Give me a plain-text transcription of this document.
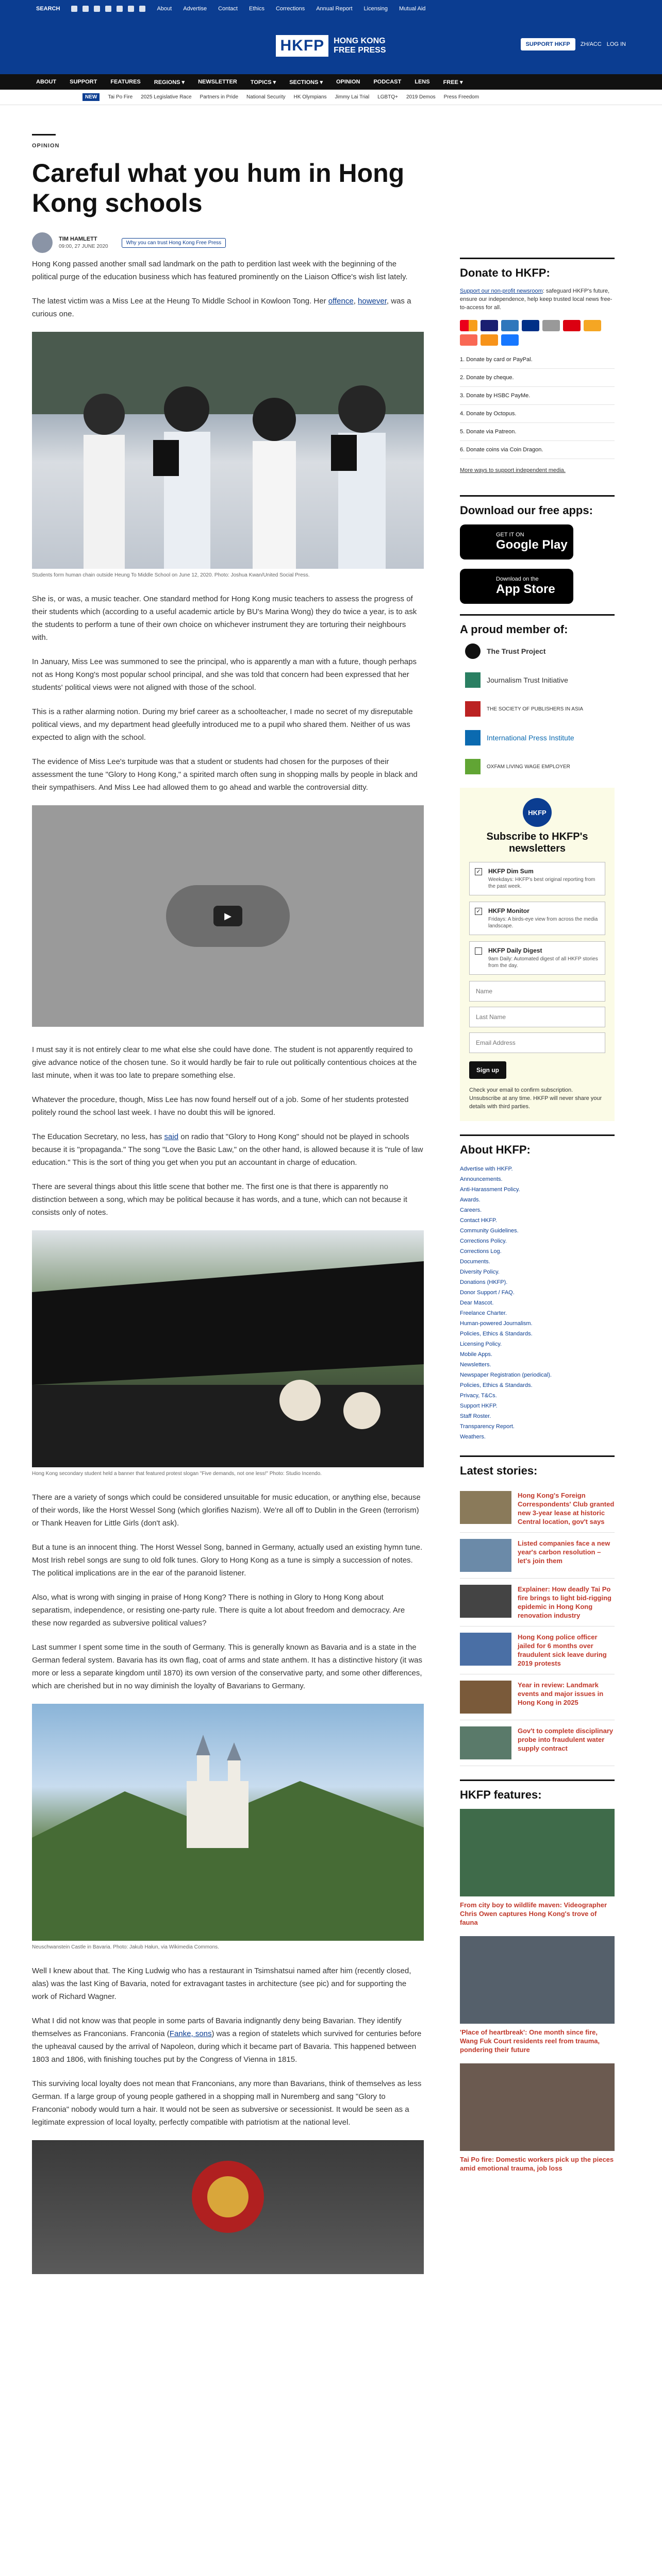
SEARCH	About Advertise Contact Ethics Corrections Annual Report Licensing Mutual Aid
HKFP	HONG KONG
FREE PRESS
SUPPORT HKFP	ZH/ACC LOG IN
ABOUT SUPPORT FEATURES REGIONS ▾ NEWSLETTER TOPICS ▾ SECTIONS ▾ OPINION PODCAST LENS FREE ▾
NEW	Tai Po Fire 2025 Legislative Race Partners in Pride National Security HK Olympians Jimmy Lai Trial LGBTQ+ 2019 Demos Press Freedom
OPINION
Careful what you hum in Hong Kong schools
TIM HAMLETT
09:00, 27 JUNE 2020
Why you can trust Hong Kong Free Press

Hong Kong passed another small sad landmark on the path to perdition last week with the beginning of the political purge of the education business which has featured prominently on the Liaison Office's wish list lately.

The latest victim was a Miss Lee at the Heung To Middle School in Kowloon Tong. Her offence, however, was a curious one.

Students form human chain outside Heung To Middle School on June 12, 2020. Photo: Joshua Kwan/United Social Press.

She is, or was, a music teacher. One standard method for Hong Kong music teachers to assess the progress of their students which (according to a useful academic article by BU's Marina Wong) they do twice a year, is to ask the students to perform a tune of their own choice on whichever instrument they are torturing their neighbours with.

In January, Miss Lee was summoned to see the principal, who is apparently a man with a future, though perhaps not as Hong Kong's most popular school principal, and she was told that concern had been expressed that her students' political views were not aligned with those of the school.

This is a rather alarming notion. During my brief career as a schoolteacher, I made no secret of my disreputable political views, and my department head gleefully introduced me to a pupil who shared them. Neither of us was expected to align with the school.

The evidence of Miss Lee's turpitude was that a student or students had chosen for the purposes of their assessment the tune "Glory to Hong Kong," a spirited march often sung in shopping malls by people in black and their sympathisers. And Miss Lee had allowed them to go ahead and warble the controversial ditty.

▶

I must say it is not entirely clear to me what else she could have done. The student is not apparently required to give advance notice of the chosen tune. So it would hardly be fair to rule out politically contentious choices at the last minute, when it was too late to prepare something else.

Whatever the procedure, though, Miss Lee has now found herself out of a job. Some of her students protested politely round the school last week. I have no doubt this will be ignored.

The Education Secretary, no less, has said on radio that "Glory to Hong Kong" should not be played in schools because it is "propaganda." The song "Love the Basic Law," on the other hand, is allowed because it is "rule of law education." This is the sort of thing you get when you put an accountant in charge of education.

There are several things about this little scene that bother me. The first one is that there is apparently no distinction between a song, which may be political because it has words, and a tune, which can not because it consists only of notes.

Hong Kong secondary student held a banner that featured protest slogan "Five demands, not one less!" Photo: Studio Incendo.

There are a variety of songs which could be considered unsuitable for music education, or anything else, because of their words, like the Horst Wessel Song (which glorifies Nazism). We're all off to Dublin in the Green (terrorism) or Thank Heaven for Little Girls (don't ask).

But a tune is an innocent thing. The Horst Wessel Song, banned in Germany, actually used an existing hymn tune. Most Irish rebel songs are sung to old folk tunes. Glory to Hong Kong as a tune is simply a succession of notes. The political implications are in the ear of the paranoid listener.

Also, what is wrong with singing in praise of Hong Kong? There is nothing in Glory to Hong Kong about separatism, independence, or resisting one-party rule. There is quite a lot about freedom and democracy. Are these now regarded as subversive political values?

Last summer I spent some time in the south of Germany. This is generally known as Bavaria and is a state in the German federal system. Bavaria has its own flag, coat of arms and state anthem. It has a distinctive history (it was more or less a separate kingdom until 1870) its own version of the conservative party, and some other differences, which are cherished but in no way diminish the loyalty of Bavarians to Germany.

Neuschwanstein Castle in Bavaria. Photo: Jakub Hałun, via Wikimedia Commons.

Well I knew about that. The King Ludwig who has a restaurant in Tsimshatsui named after him (recently closed, alas) was the last King of Bavaria, noted for extravagant tastes in architecture (see pic) and for supporting the work of Richard Wagner.

What I did not know was that people in some parts of Bavaria indignantly deny being Bavarian. They identify themselves as Franconians. Franconia (Fanke, sons) was a region of statelets which survived for centuries before the upheaval caused by the arrival of Napoleon, during which it became part of Bavaria. This happened between 1803 and 1806, with finishing touches put by the Congress of Vienna in 1815.

This surviving local loyalty does not mean that Franconians, any more than Bavarians, think of themselves as less German. If a large group of young people gathered in a shopping mall in Nuremberg and sang "Glory to Franconia" nobody would turn a hair. It would not be seen as subversive or secessionist. It would be seen as a legitimate expression of local loyalty, perfectly compatible with patriotism at the national level.

Donate to HKFP:

Support our non-profit newsroom: safeguard HKFP's future, ensure our independence, help keep trusted local news free-to-access for all.

1. Donate by card or PayPal.
2. Donate by cheque.
3. Donate by HSBC PayMe.
4. Donate by Octopus.
5. Donate via Patreon.
6. Donate coins via Coin Dragon.
More ways to support independent media.
Download our free apps:
GET IT ON
Google Play
Download on the
App Store
A proud member of:
The Trust Project
Journalism Trust Initiative
THE SOCIETY OF PUBLISHERS IN ASIA
International Press Institute
OXFAM LIVING WAGE EMPLOYER
HKFP
Subscribe to HKFP's newsletters
✓ HKFP Dim Sum
Weekdays: HKFP's best original reporting from the past week.
✓ HKFP Monitor
Fridays: A birds-eye view from across the media landscape.
HKFP Daily Digest
9am Daily: Automated digest of all HKFP stories from the day.
Name Last Name Email Address Sign up

Check your email to confirm subscription. Unsubscribe at any time. HKFP will never share your details with third parties.

About HKFP:
Advertise with HKFP.
Announcements.
Anti-Harassment Policy.
Awards.
Careers.
Contact HKFP.
Community Guidelines.
Corrections Policy.
Corrections Log.
Documents.
Diversity Policy.
Donations (HKFP).
Donor Support / FAQ.
Dear Mascot.
Freelance Charter.
Human-powered Journalism.
Policies, Ethics & Standards.
Licensing Policy.
Mobile Apps.
Newsletters.
Newspaper Registration (periodical).
Policies, Ethics & Standards.
Privacy, T&Cs.
Support HKFP.
Staff Roster.
Transparency Report.
Weathers.
Latest stories:
Hong Kong's Foreign Correspondents' Club granted new 3-year lease at historic Central location, gov't says
Listed companies face a new year's carbon resolution – let's join them
Explainer: How deadly Tai Po fire brings to light bid-rigging epidemic in Hong Kong renovation industry
Hong Kong police officer jailed for 6 months over fraudulent sick leave during 2019 protests
Year in review: Landmark events and major issues in Hong Kong in 2025
Gov't to complete disciplinary probe into fraudulent water supply contract
HKFP features:
From city boy to wildlife maven: Videographer Chris Owen captures Hong Kong's trove of fauna
'Place of heartbreak': One month since fire, Wang Fuk Court residents reel from trauma, pondering their future
Tai Po fire: Domestic workers pick up the pieces amid emotional trauma, job loss
